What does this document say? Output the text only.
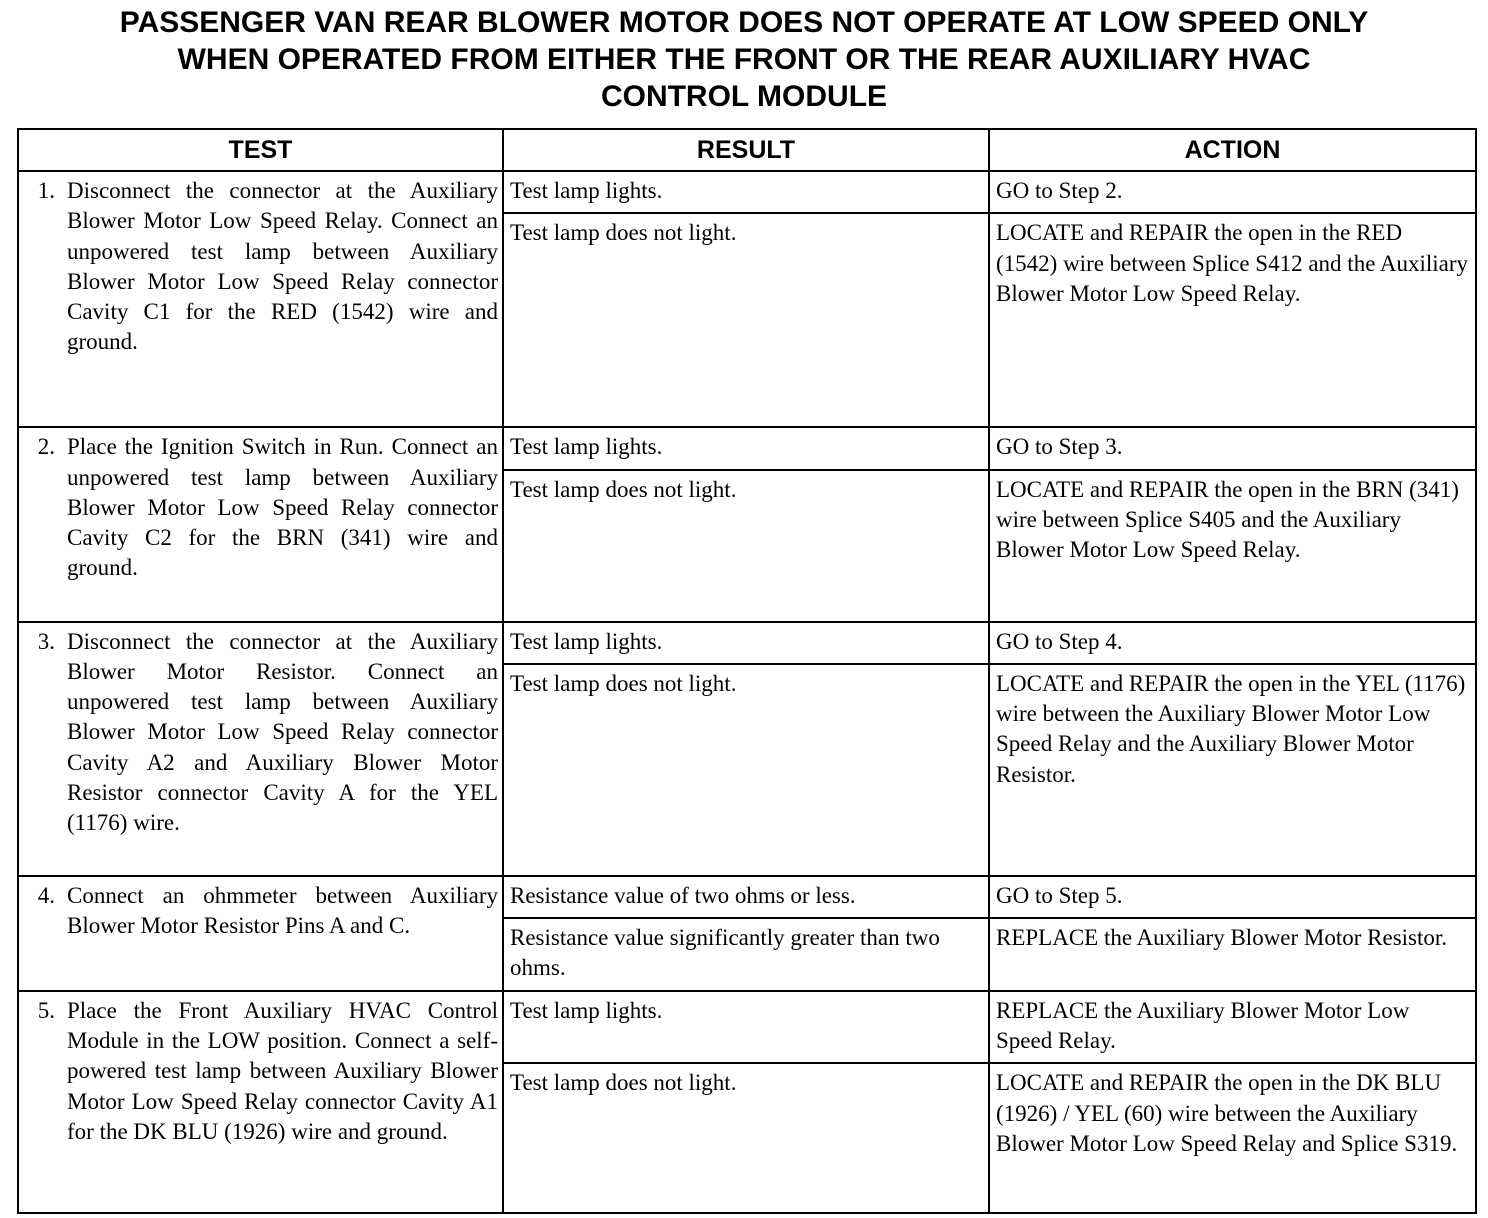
PASSENGER VAN REAR BLOWER MOTOR DOES NOT OPERATE AT LOW SPEED ONLY
WHEN OPERATED FROM EITHER THE FRONT OR THE REAR AUXILIARY HVAC
CONTROL MODULE
TEST	RESULT	ACTION

1. Disconnect the connector at the Auxiliary Blower Motor Low Speed Relay. Connect an unpowered test lamp between Auxiliary Blower Motor Low Speed Relay connector Cavity C1 for the RED (1542) wire and ground.	Test lamp lights.	GO to Step 2.
	Test lamp does not light.	LOCATE and REPAIR the open in the RED (1542) wire between Splice S412 and the Auxiliary Blower Motor Low Speed Relay.

2. Place the Ignition Switch in Run. Connect an unpowered test lamp between Auxiliary Blower Motor Low Speed Relay connector Cavity C2 for the BRN (341) wire and ground.	Test lamp lights.	GO to Step 3.
	Test lamp does not light.	LOCATE and REPAIR the open in the BRN (341) wire between Splice S405 and the Auxiliary Blower Motor Low Speed Relay.

3. Disconnect the connector at the Auxiliary Blower Motor Resistor. Connect an unpowered test lamp between Auxiliary Blower Motor Low Speed Relay connector Cavity A2 and Auxiliary Blower Motor Resistor connector Cavity A for the YEL (1176) wire.	Test lamp lights.	GO to Step 4.
	Test lamp does not light.	LOCATE and REPAIR the open in the YEL (1176) wire between the Auxiliary Blower Motor Low Speed Relay and the Auxiliary Blower Motor Resistor.

4. Connect an ohmmeter between Auxiliary Blower Motor Resistor Pins A and C.	Resistance value of two ohms or less.	GO to Step 5.
	Resistance value significantly greater than two ohms.	REPLACE the Auxiliary Blower Motor Resistor.

5. Place the Front Auxiliary HVAC Control Module in the LOW position. Connect a self-powered test lamp between Auxiliary Blower Motor Low Speed Relay connector Cavity A1 for the DK BLU (1926) wire and ground.	Test lamp lights.	REPLACE the Auxiliary Blower Motor Low Speed Relay.
	Test lamp does not light.	LOCATE and REPAIR the open in the DK BLU (1926) / YEL (60) wire between the Auxiliary Blower Motor Low Speed Relay and Splice S319.
